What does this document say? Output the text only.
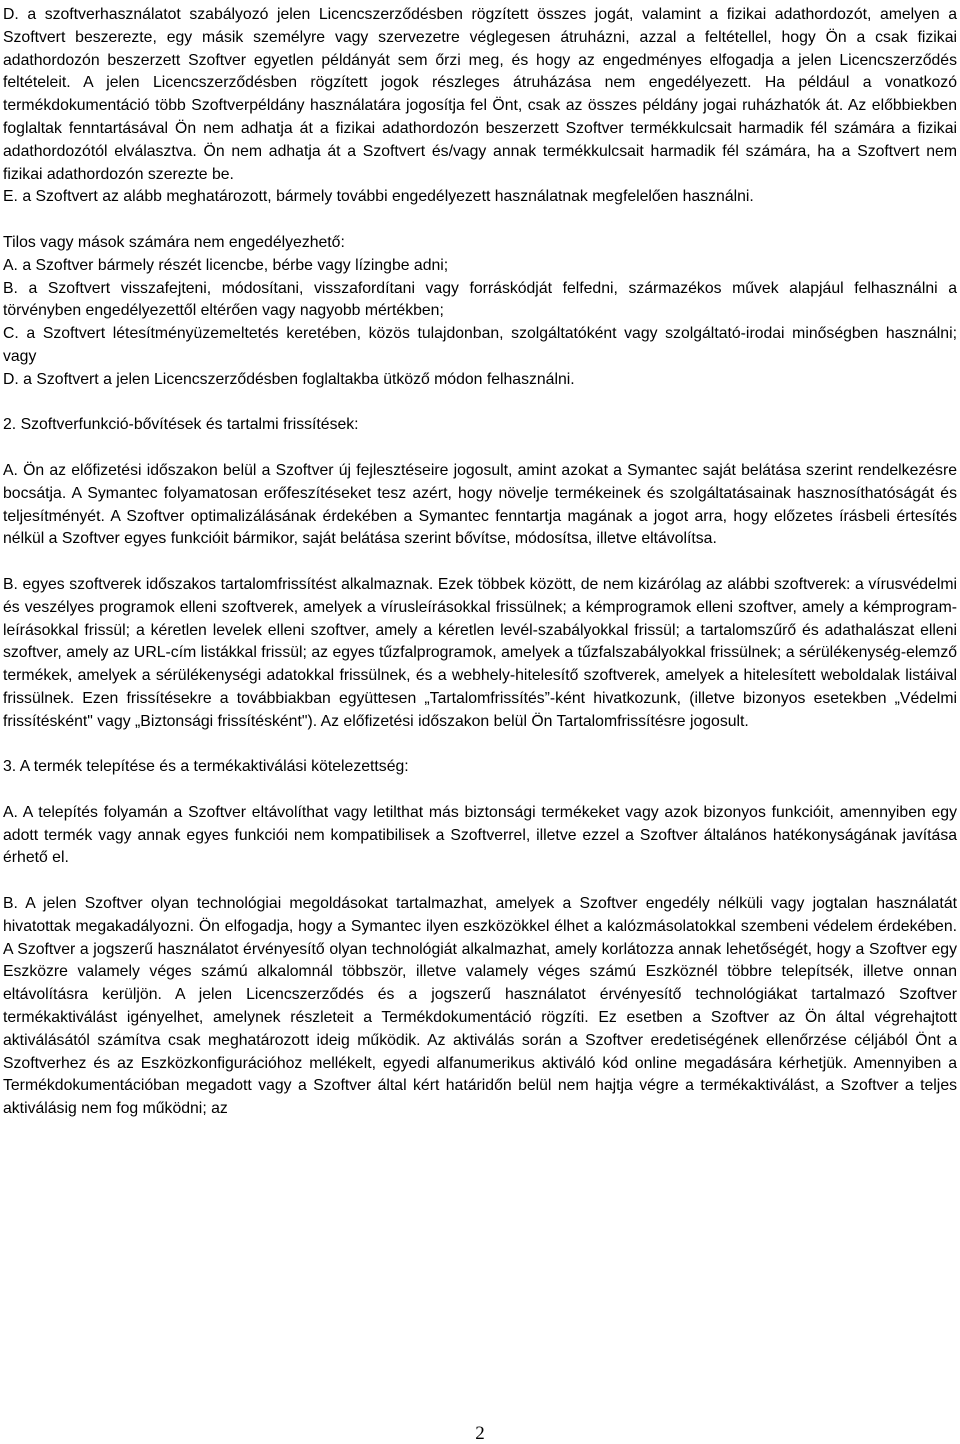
D. a szoftverhasználatot szabályozó jelen Licencszerződésben rögzített összes jogát, valamint a fizikai adathordozót, amelyen a Szoftvert beszerezte, egy másik személyre vagy szervezetre véglegesen átruházni, azzal a feltétellel, hogy Ön a csak fizikai adathordozón beszerzett Szoftver egyetlen példányát sem őrzi meg, és hogy az engedményes elfogadja a jelen Licencszerződés feltételeit. A jelen Licencszerződésben rögzített jogok részleges átruházása nem engedélyezett. Ha például a vonatkozó termékdokumentáció több Szoftverpéldány használatára jogosítja fel Önt, csak az összes példány jogai ruházhatók át. Az előbbiekben foglaltak fenntartásával Ön nem adhatja át a fizikai adathordozón beszerzett Szoftver termékkulcsait harmadik fél számára a fizikai adathordozótól elválasztva. Ön nem adhatja át a Szoftvert és/vagy annak termékkulcsait harmadik fél számára, ha a Szoftvert nem fizikai adathordozón szerezte be.

E. a Szoftvert az alább meghatározott, bármely további engedélyezett használatnak megfelelően használni.

Tilos vagy mások számára nem engedélyezhető:

A. a Szoftver bármely részét licencbe, bérbe vagy lízingbe adni;

B. a Szoftvert visszafejteni, módosítani, visszafordítani vagy forráskódját felfedni, származékos művek alapjául felhasználni a törvényben engedélyezettől eltérően vagy nagyobb mértékben;

C. a Szoftvert létesítményüzemeltetés keretében, közös tulajdonban, szolgáltatóként vagy szolgáltató-irodai minőségben használni; vagy

D. a Szoftvert a jelen Licencszerződésben foglaltakba ütköző módon felhasználni.

2. Szoftverfunkció-bővítések és tartalmi frissítések:

A. Ön az előfizetési időszakon belül a Szoftver új fejlesztéseire jogosult, amint azokat a Symantec saját belátása szerint rendelkezésre bocsátja. A Symantec folyamatosan erőfeszítéseket tesz azért, hogy növelje termékeinek és szolgáltatásainak hasznosíthatóságát és teljesítményét. A Szoftver optimalizálásának érdekében a Symantec fenntartja magának a jogot arra, hogy előzetes írásbeli értesítés nélkül a Szoftver egyes funkcióit bármikor, saját belátása szerint bővítse, módosítsa, illetve eltávolítsa.

B. egyes szoftverek időszakos tartalomfrissítést alkalmaznak. Ezek többek között, de nem kizárólag az alábbi szoftverek: a vírusvédelmi és veszélyes programok elleni szoftverek, amelyek a vírusleírásokkal frissülnek; a kémprogramok elleni szoftver, amely a kémprogram-leírásokkal frissül; a kéretlen levelek elleni szoftver, amely a kéretlen levél-szabályokkal frissül; a tartalomszűrő és adathalászat elleni szoftver, amely az URL-cím listákkal frissül; az egyes tűzfalprogramok, amelyek a tűzfalszabályokkal frissülnek; a sérülékenység-elemző termékek, amelyek a sérülékenységi adatokkal frissülnek, és a webhely-hitelesítő szoftverek, amelyek a hitelesített weboldalak listáival frissülnek. Ezen frissítésekre a továbbiakban együttesen „Tartalomfrissítés”-ként hivatkozunk, (illetve bizonyos esetekben „Védelmi frissítésként" vagy „Biztonsági frissítésként"). Az előfizetési időszakon belül Ön Tartalomfrissítésre jogosult.

3. A termék telepítése és a termékaktiválási kötelezettség:

A. A telepítés folyamán a Szoftver eltávolíthat vagy letilthat más biztonsági termékeket vagy azok bizonyos funkcióit, amennyiben egy adott termék vagy annak egyes funkciói nem kompatibilisek a Szoftverrel, illetve ezzel a Szoftver általános hatékonyságának javítása érhető el.

B. A jelen Szoftver olyan technológiai megoldásokat tartalmazhat, amelyek a Szoftver engedély nélküli vagy jogtalan használatát hivatottak megakadályozni. Ön elfogadja, hogy a Symantec ilyen eszközökkel élhet a kalózmásolatokkal szembeni védelem érdekében. A Szoftver a jogszerű használatot érvényesítő olyan technológiát alkalmazhat, amely korlátozza annak lehetőségét, hogy a Szoftver egy Eszközre valamely véges számú alkalomnál többször, illetve valamely véges számú Eszköznél többre telepítsék, illetve onnan eltávolításra kerüljön. A jelen Licencszerződés és a jogszerű használatot érvényesítő technológiákat tartalmazó Szoftver termékaktiválást igényelhet, amelynek részleteit a Termékdokumentáció rögzíti. Ez esetben a Szoftver az Ön által végrehajtott aktiválásától számítva csak meghatározott ideig működik. Az aktiválás során a Szoftver eredetiségének ellenőrzése céljából Önt a Szoftverhez és az Eszközkonfigurációhoz mellékelt, egyedi alfanumerikus aktiváló kód online megadására kérhetjük. Amennyiben a Termékdokumentációban megadott vagy a Szoftver által kért határidőn belül nem hajtja végre a termékaktiválást, a Szoftver a teljes aktiválásig nem fog működni; az

2
